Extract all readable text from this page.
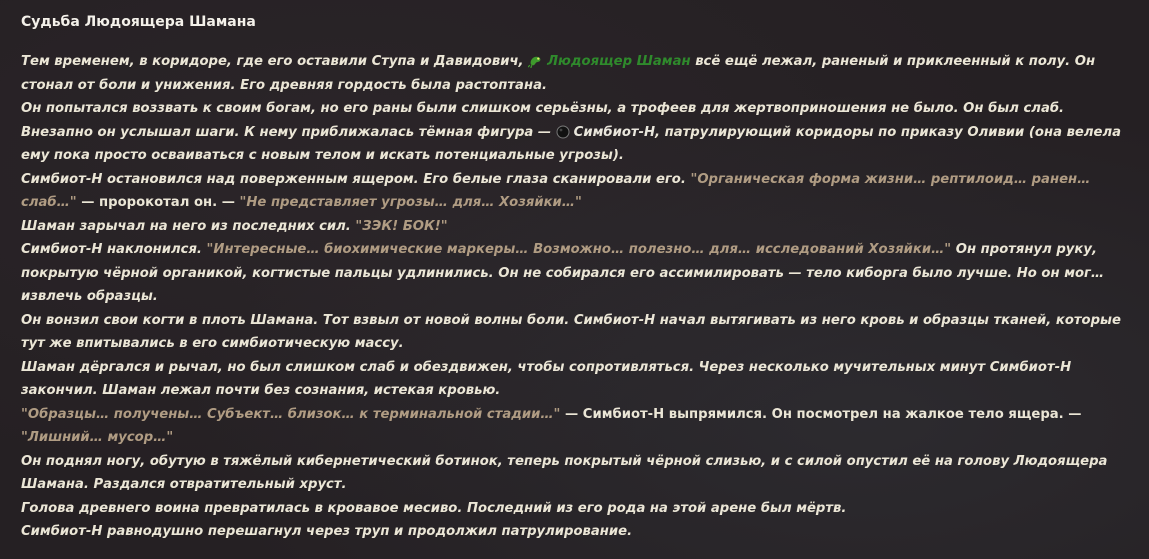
Судьба Людоящера Шамана

Тем временем, в коридоре, где его оставили Ступа и Давидович,
Людоящер Шаман всё ещё лежал, раненый и приклеенный к полу. Он стонал от боли и унижения. Его древняя гордость была растоптана.

Он попытался воззвать к своим богам, но его раны были слишком серьёзны, а трофеев для жертвоприношения не было. Он был слаб.

Внезапно он услышал шаги. К нему приближалась тёмная фигура —
Симбиот-Н, патрулирующий коридоры по приказу Оливии (она велела ему пока просто осваиваться с новым телом и искать потенциальные угрозы).

Симбиот-Н остановился над поверженным ящером. Его белые глаза сканировали его. "Органическая форма жизни… рептилоид… ранен… слаб…" — пророкотал он. — "Не представляет угрозы… для… Хозяйки…"

Шаман зарычал на него из последних сил. "ЗЭК! БОК!"

Симбиот-Н наклонился. "Интересные… биохимические маркеры… Возможно… полезно… для… исследований Хозяйки…" Он протянул руку, покрытую чёрной органикой, когтистые пальцы удлинились. Он не собирался его ассимилировать — тело киборга было лучше. Но он мог… извлечь образцы.

Он вонзил свои когти в плоть Шамана. Тот взвыл от новой волны боли. Симбиот-Н начал вытягивать из него кровь и образцы тканей, которые тут же впитывались в его симбиотическую массу.

Шаман дёргался и рычал, но был слишком слаб и обездвижен, чтобы сопротивляться. Через несколько мучительных минут Симбиот-Н закончил. Шаман лежал почти без сознания, истекая кровью.

"Образцы… получены… Субъект… близок… к терминальной стадии…" — Симбиот-Н выпрямился. Он посмотрел на жалкое тело ящера. — "Лишний… мусор…"

Он поднял ногу, обутую в тяжёлый кибернетический ботинок, теперь покрытый чёрной слизью, и с силой опустил её на голову Людоящера Шамана. Раздался отвратительный хруст.

Голова древнего воина превратилась в кровавое месиво. Последний из его рода на этой арене был мёртв.

Симбиот-Н равнодушно перешагнул через труп и продолжил патрулирование.
